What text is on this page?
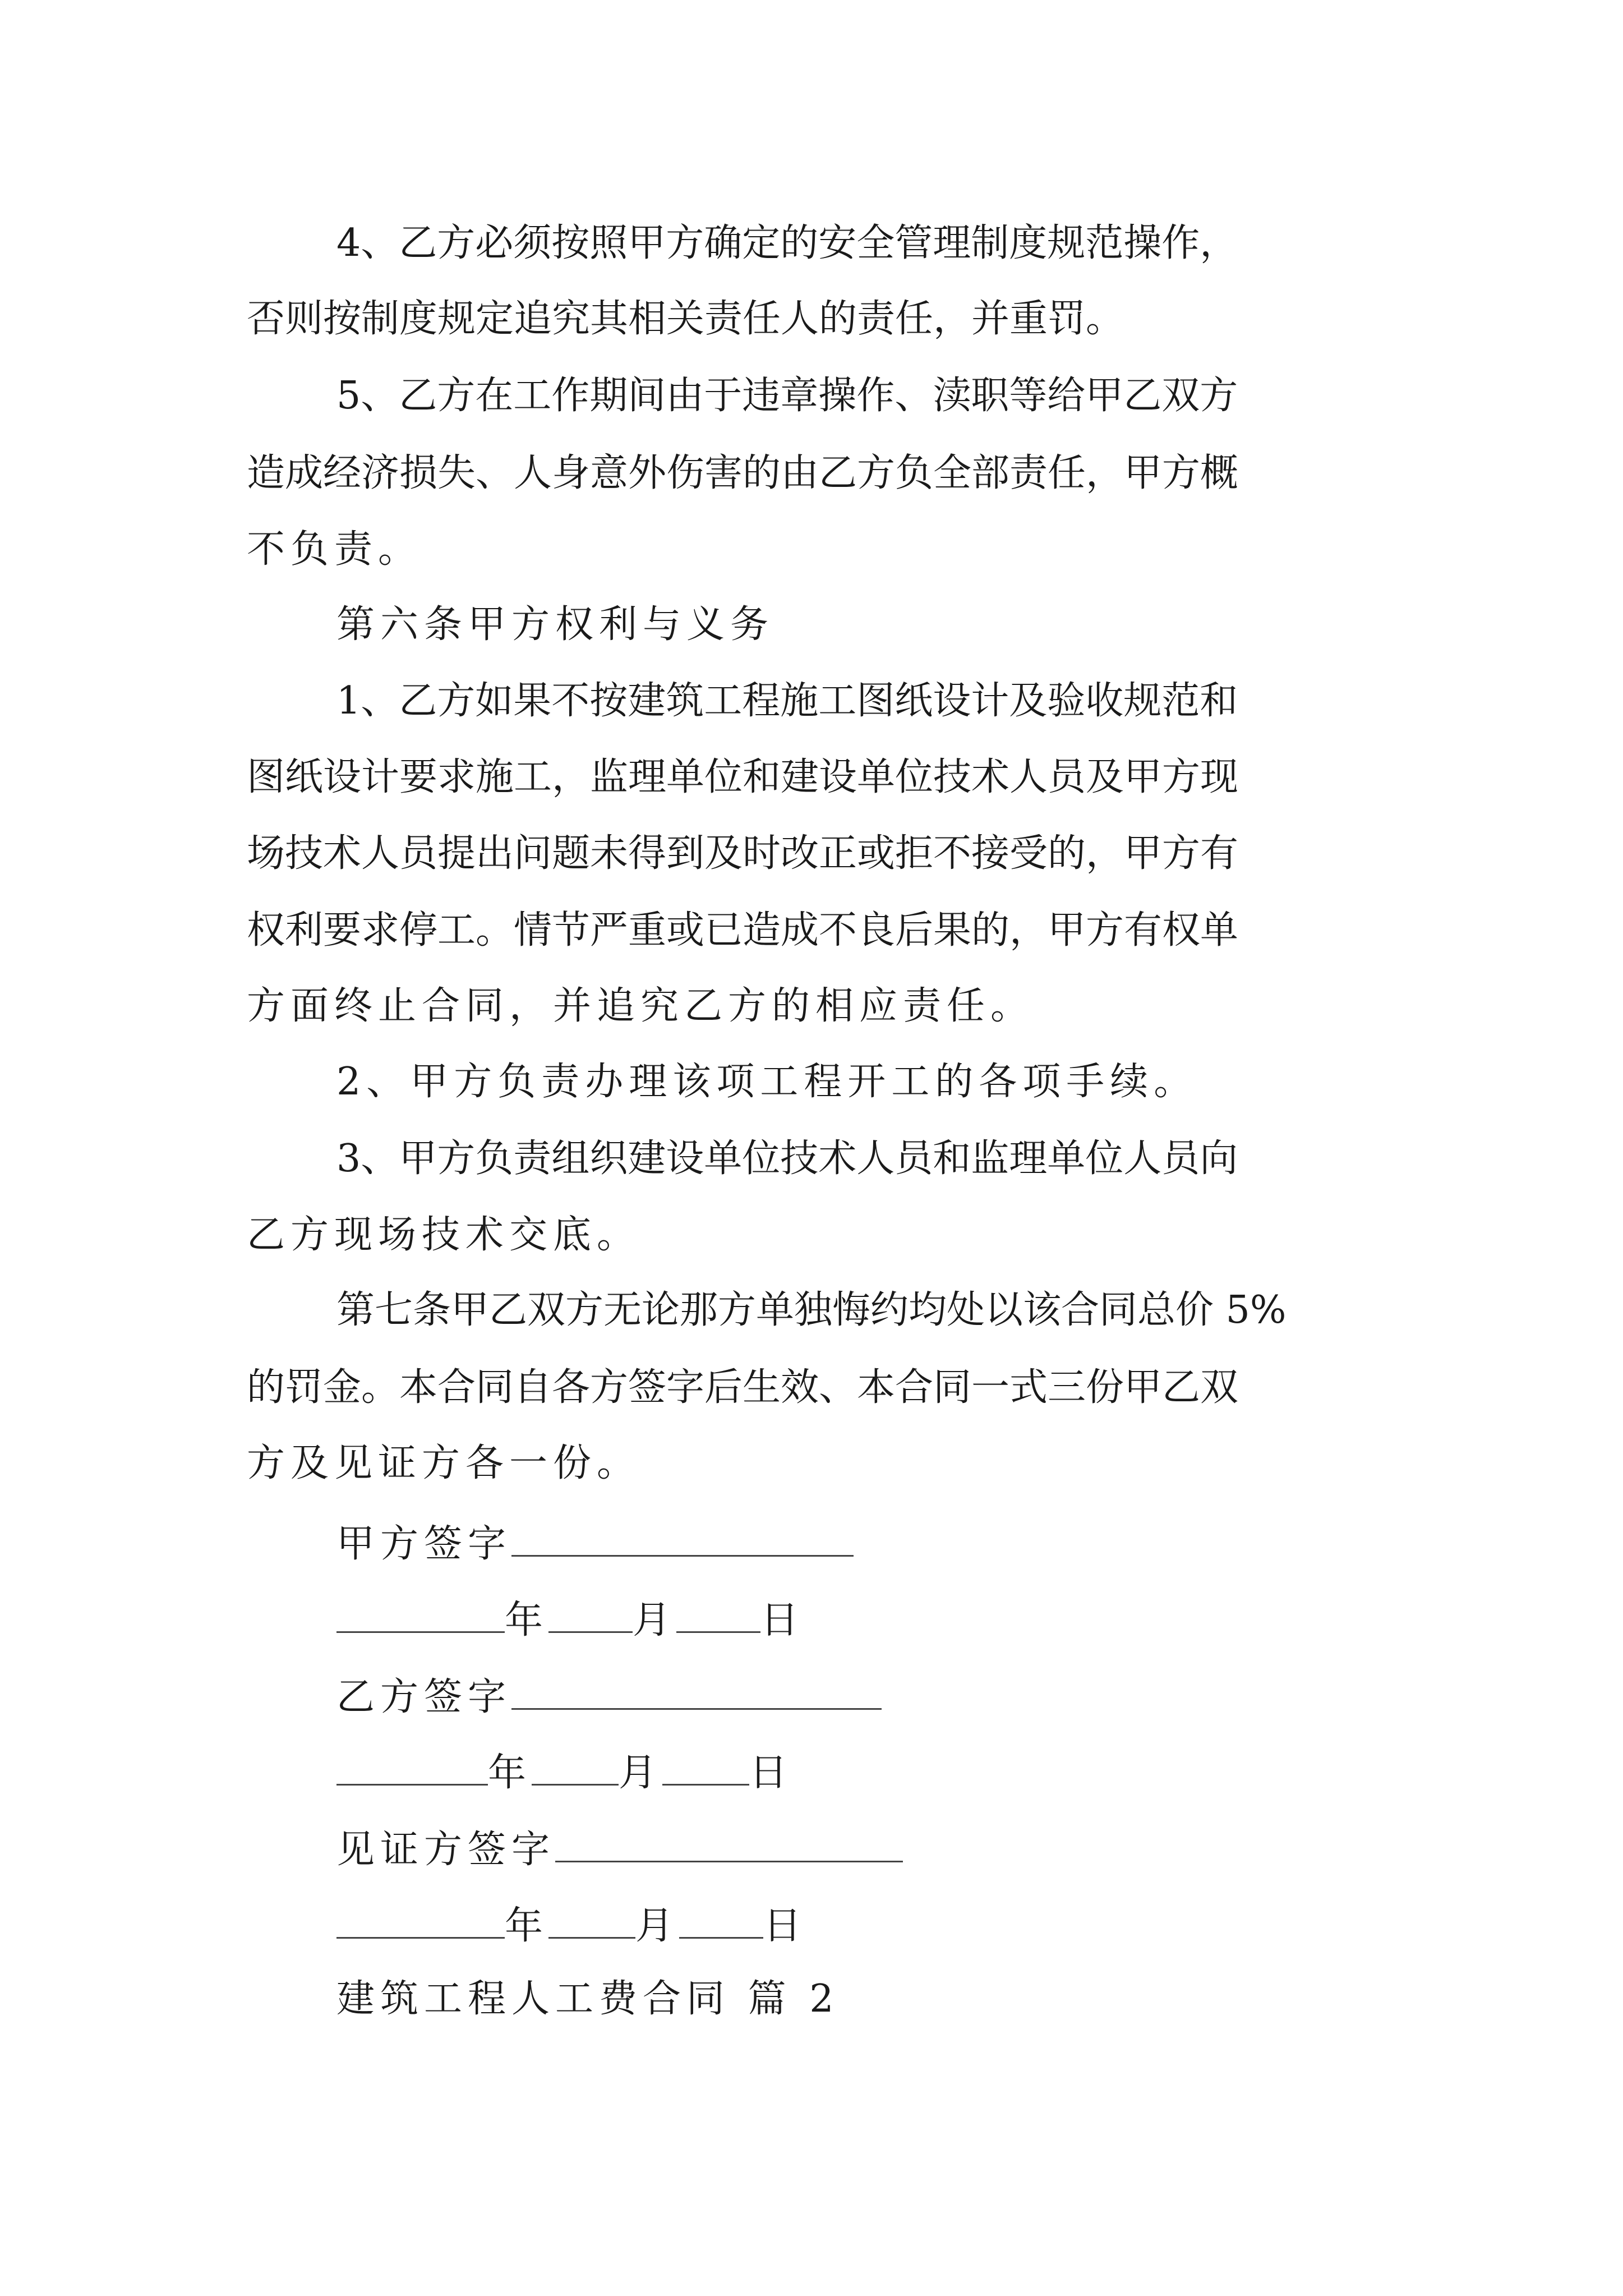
4、乙方必须按照甲方确定的安全管理制度规范操作，
否则按制度规定追究其相关责任人的责任，并重罚。
5、乙方在工作期间由于违章操作、渎职等给甲乙双方
造成经济损失、人身意外伤害的由乙方负全部责任，甲方概
不负责。
第六条甲方权利与义务
1、乙方如果不按建筑工程施工图纸设计及验收规范和
图纸设计要求施工，监理单位和建设单位技术人员及甲方现
场技术人员提出问题未得到及时改正或拒不接受的，甲方有
权利要求停工。情节严重或已造成不良后果的，甲方有权单
方面终止合同，并追究乙方的相应责任。
2、甲方负责办理该项工程开工的各项手续。
3、甲方负责组织建设单位技术人员和监理单位人员向
乙方现场技术交底。
第七条甲乙双方无论那方单独悔约均处以该合同总价 5%
的罚金。本合同自各方签字后生效、本合同一式三份甲乙双
方及见证方各一份。
甲方签字
年 月 日
乙方签字
年 月 日
见证方签字
年 月 日
建筑工程人工费合同 篇 2
